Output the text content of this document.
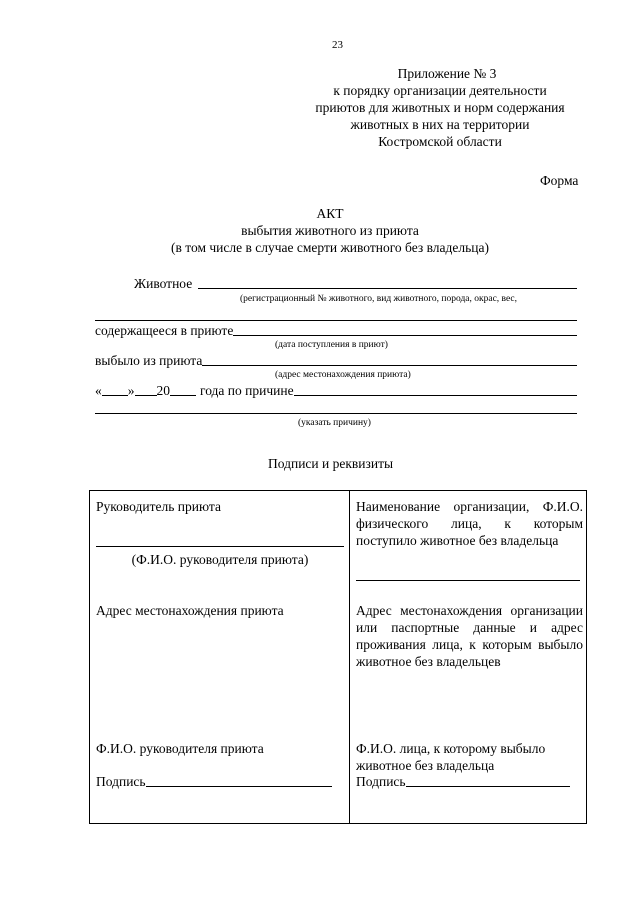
23
Приложение № 3
к порядку организации деятельности
приютов для животных и норм содержания
животных в них на территории
Костромской области
Форма
АКТ
выбытия животного из приюта
(в том числе в случае смерти животного без владельца)
Животное
(регистрационный № животного, вид животного, порода, окрас, вес,
содержащееся в приюте
(дата поступления в приют)
выбыло из приюта
(адрес местонахождения приюта)
« » 20 года по причине
(указать причину)
Подписи и реквизиты
Руководитель приюта
(Ф.И.О. руководителя приюта)
Адрес местонахождения приюта
Ф.И.О. руководителя приюта
Подпись
Наименование организации, Ф.И.О. физического лица, к которым поступило животное без владельца
Адрес местонахождения организации или паспортные данные и адрес проживания лица, к которым выбыло животное без владельцев
Ф.И.О. лица, к которому выбыло
животное без владельца
Подпись
